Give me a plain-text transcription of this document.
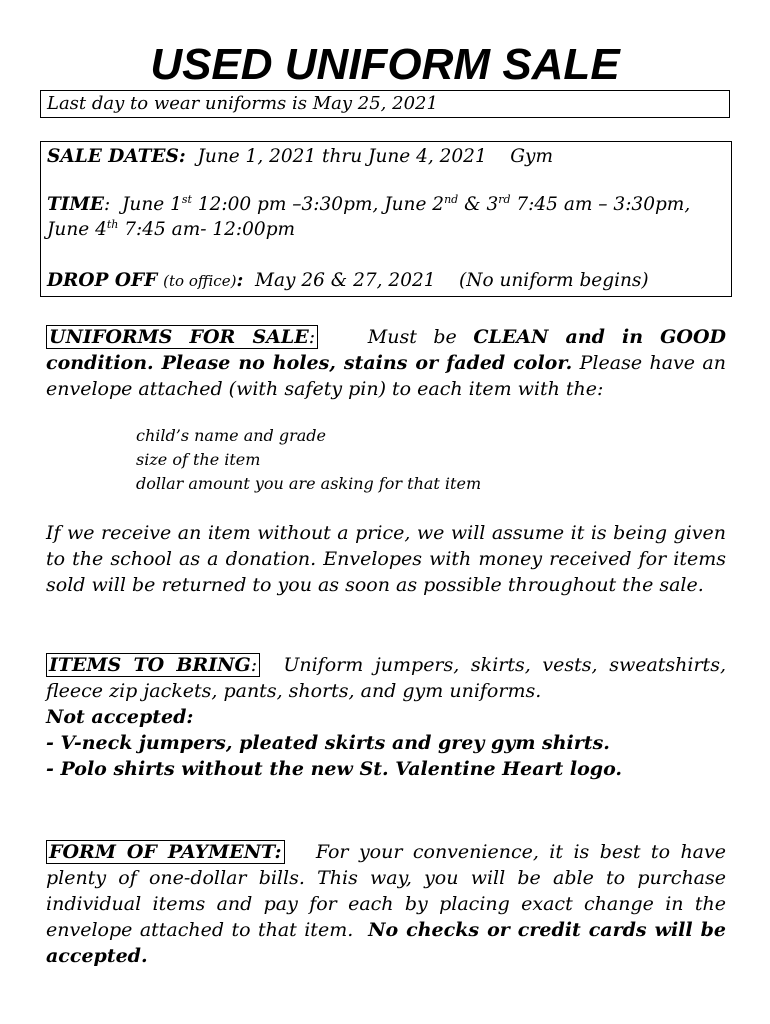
USED UNIFORM SALE
Last day to wear uniforms is May 25, 2021

SALE DATES: June 1, 2021 thru June 4, 2021 Gym

TIME: June 1st 12:00 pm –3:30pm, June 2nd & 3rd 7:45 am – 3:30pm, June 4th 7:45 am- 12:00pm

DROP OFF (to office): May 26 & 27, 2021 (No uniform begins)

UNIFORMS FOR SALE:	Must be CLEAN and in GOOD condition. Please no holes, stains or faded color. Please have an envelope attached (with safety pin) to each item with the:

child’s name and grade
size of the item
dollar amount you are asking for that item

If we receive an item without a price, we will assume it is being given to the school as a donation. Envelopes with money received for items sold will be returned to you as soon as possible throughout the sale.

ITEMS TO BRING: Uniform jumpers, skirts, vests, sweatshirts, fleece zip jackets, pants, shorts, and gym uniforms.

Not accepted:

- V-neck jumpers, pleated skirts and grey gym shirts.

- Polo shirts without the new St. Valentine Heart logo.

FORM OF PAYMENT: For your convenience, it is best to have plenty of one-dollar bills. This way, you will be able to purchase individual items and pay for each by placing exact change in the envelope attached to that item. No checks or credit cards will be accepted.
